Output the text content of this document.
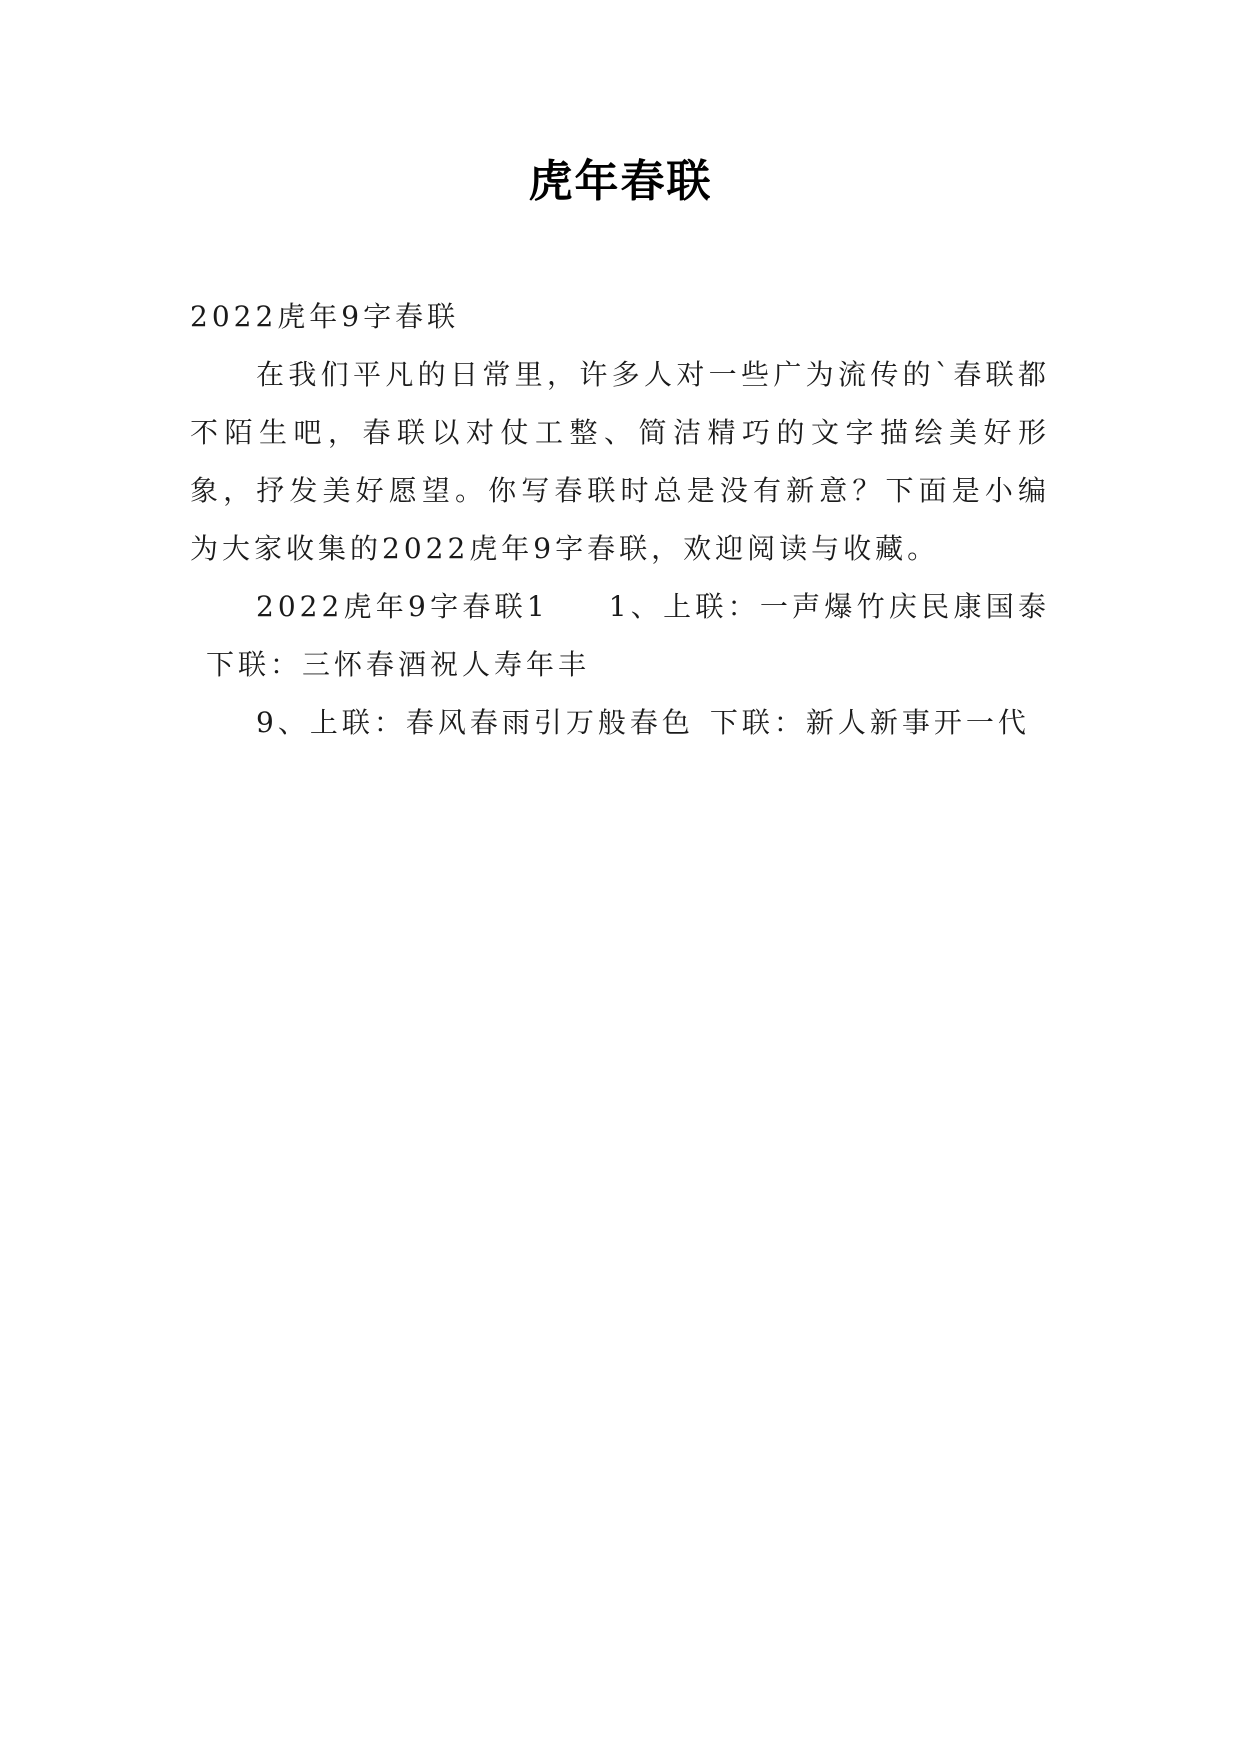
虎年春联

2022虎年9字春联

在我们平凡的日常里，许多人对一些广为流传的`春联都不陌生吧，春联以对仗工整、简洁精巧的文字描绘美好形象，抒发美好愿望。你写春联时总是没有新意？下面是小编为大家收集的2022虎年9字春联，欢迎阅读与收藏。

2022虎年9字春联1 1、上联：一声爆竹庆民康国泰下联：三怀春酒祝人寿年丰

9、上联：春风春雨引万般春色 下联：新人新事开一代
